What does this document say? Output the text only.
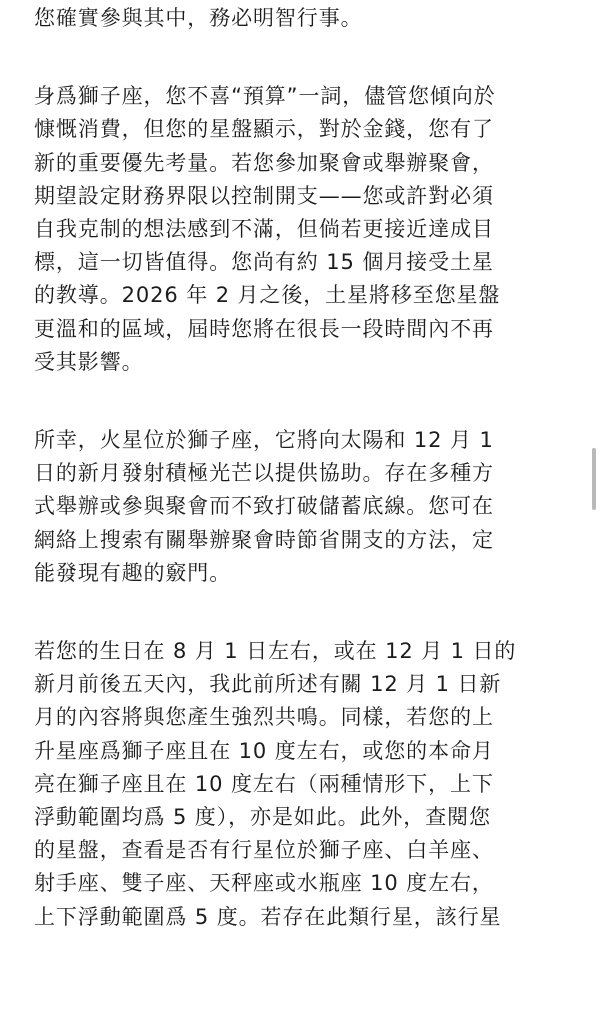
您確實參與其中，務必明智行事。

身爲獅子座，您不喜“預算”一詞，儘管您傾向於
慷慨消費，但您的星盤顯示，對於金錢，您有了
新的重要優先考量。若您參加聚會或舉辦聚會，
期望設定財務界限以控制開支——您或許對必須
自我克制的想法感到不滿，但倘若更接近達成目
標，這一切皆值得。您尚有約 15 個月接受土星
的教導。2026 年 2 月之後，土星將移至您星盤
更溫和的區域，屆時您將在很長一段時間內不再
受其影響。

所幸，火星位於獅子座，它將向太陽和 12 月 1
日的新月發射積極光芒以提供協助。存在多種方
式舉辦或參與聚會而不致打破儲蓄底線。您可在
網絡上搜索有關舉辦聚會時節省開支的方法，定
能發現有趣的竅門。

若您的生日在 8 月 1 日左右，或在 12 月 1 日的
新月前後五天內，我此前所述有關 12 月 1 日新
月的內容將與您產生強烈共鳴。同樣，若您的上
升星座爲獅子座且在 10 度左右，或您的本命月
亮在獅子座且在 10 度左右（兩種情形下，上下
浮動範圍均爲 5 度），亦是如此。此外，查閱您
的星盤，查看是否有行星位於獅子座、白羊座、
射手座、雙子座、天秤座或水瓶座 10 度左右，
上下浮動範圍爲 5 度。若存在此類行星，該行星
